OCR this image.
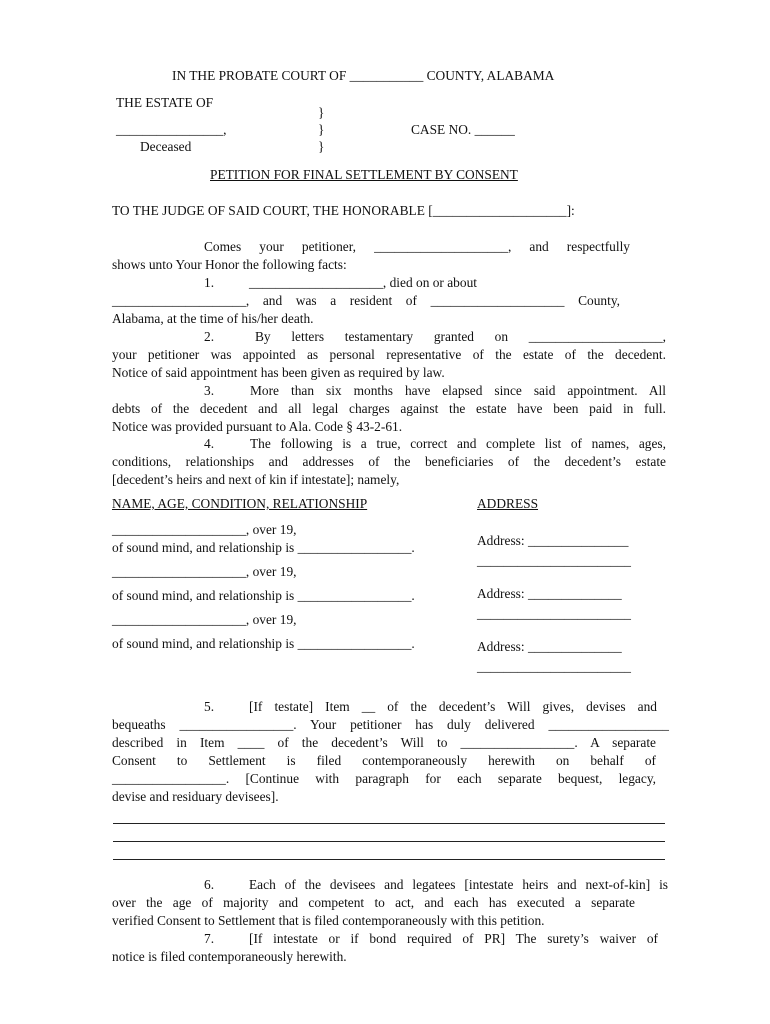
IN THE PROBATE COURT OF ___________ COUNTY, ALABAMA
THE ESTATE OF
}
________________,	}	CASE NO. ______
Deceased	}
PETITION FOR FINAL SETTLEMENT BY CONSENT
TO THE JUDGE OF SAID COURT, THE HONORABLE [____________________]:
Comes your petitioner, ____________________, and respectfully
shows unto Your Honor the following facts:
1.	____________________, died on or about
____________________, and was a resident of ____________________ County,
Alabama, at the time of his/her death.
2.	By letters testamentary granted on ____________________,
your petitioner was appointed as personal representative of the estate of the decedent.
Notice of said appointment has been given as required by law.
3.	More than six months have elapsed since said appointment. All
debts of the decedent and all legal charges against the estate have been paid in full.
Notice was provided pursuant to Ala. Code § 43-2-61.
4.	The following is a true, correct and complete list of names, ages,
conditions, relationships and addresses of the beneficiaries of the decedent’s estate
[decedent’s heirs and next of kin if intestate]; namely,
NAME, AGE, CONDITION, RELATIONSHIP	ADDRESS
____________________, over 19,
of sound mind, and relationship is _________________.	Address: _______________
_______________________
____________________, over 19,
of sound mind, and relationship is _________________.	Address: ______________
_______________________
____________________, over 19,
of sound mind, and relationship is _________________.	Address: ______________
_______________________
5.	[If testate] Item __ of the decedent’s Will gives, devises and
bequeaths _________________. Your petitioner has duly delivered __________________
described in Item ____ of the decedent’s Will to _________________. A separate
Consent to Settlement is filed contemporaneously herewith on behalf of
_________________. [Continue with paragraph for each separate bequest, legacy,
devise and residuary devisees].
6.	Each of the devisees and legatees [intestate heirs and next-of-kin] is
over the age of majority and competent to act, and each has executed a separate
verified Consent to Settlement that is filed contemporaneously with this petition.
7.	[If intestate or if bond required of PR] The surety’s waiver of
notice is filed contemporaneously herewith.
